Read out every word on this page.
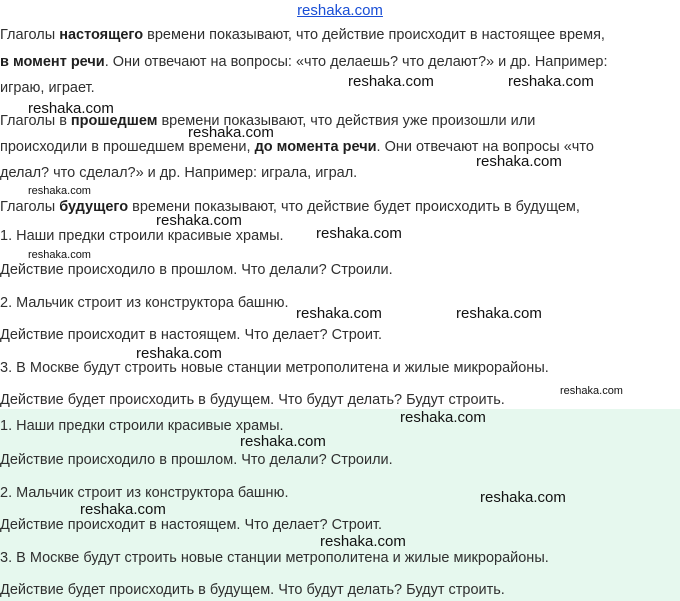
reshaka.com
Глаголы настоящего времени показывают, что действие происходит в настоящее время,
в момент речи. Они отвечают на вопросы: «что делаешь? что делают?» и др. Например:
играю, играет.
Глаголы в прошедшем времени показывают, что действия уже произошли или
происходили в прошедшем времени, до момента речи. Они отвечают на вопросы «что
делал? что сделал?» и др. Например: играла, играл.
Глаголы будущего времени показывают, что действие будет происходить в будущем,
1. Наши предки строили красивые храмы.
Действие происходило в прошлом. Что делали? Строили.
2. Мальчик строит из конструктора башню.
Действие происходит в настоящем. Что делает? Строит.
3. В Москве будут строить новые станции метрополитена и жилые микрорайоны.
Действие будет происходить в будущем. Что будут делать? Будут строить.
1. Наши предки строили красивые храмы.
Действие происходило в прошлом. Что делали? Строили.
2. Мальчик строит из конструктора башню.
Действие происходит в настоящем. Что делает? Строит.
3. В Москве будут строить новые станции метрополитена и жилые микрорайоны.
Действие будет происходить в будущем. Что будут делать? Будут строить.
reshaka.com	reshaka.com
reshaka.com
reshaka.com
reshaka.com
reshaka.com
reshaka.com
reshaka.com
reshaka.com
reshaka.com	reshaka.com
reshaka.com
reshaka.com
reshaka.com
reshaka.com
reshaka.com
reshaka.com
reshaka.com
